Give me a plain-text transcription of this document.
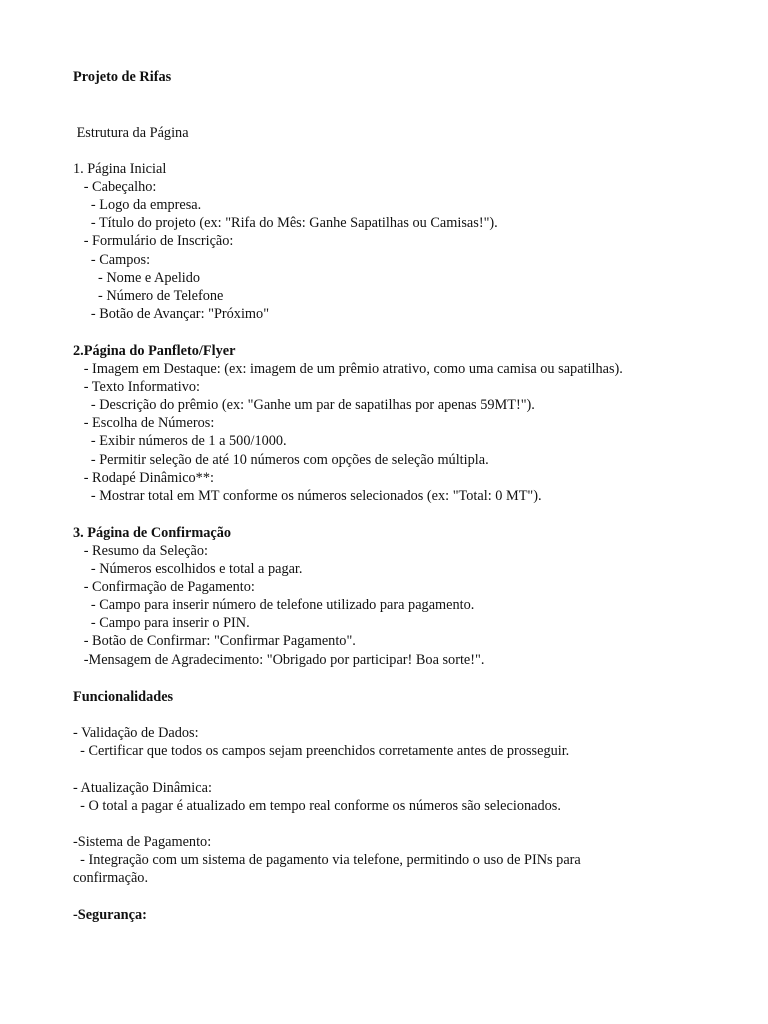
Projeto de Rifas
Estrutura da Página
1. Página Inicial
- Cabeçalho:
- Logo da empresa.
- Título do projeto (ex: "Rifa do Mês: Ganhe Sapatilhas ou Camisas!").
- Formulário de Inscrição:
- Campos:
- Nome e Apelido
- Número de Telefone
- Botão de Avançar: "Próximo"
2.Página do Panfleto/Flyer
- Imagem em Destaque: (ex: imagem de um prêmio atrativo, como uma camisa ou sapatilhas).
- Texto Informativo:
- Descrição do prêmio (ex: "Ganhe um par de sapatilhas por apenas 59MT!").
- Escolha de Números:
- Exibir números de 1 a 500/1000.
- Permitir seleção de até 10 números com opções de seleção múltipla.
- Rodapé Dinâmico**:
- Mostrar total em MT conforme os números selecionados (ex: "Total: 0 MT").
3. Página de Confirmação
- Resumo da Seleção:
- Números escolhidos e total a pagar.
- Confirmação de Pagamento:
- Campo para inserir número de telefone utilizado para pagamento.
- Campo para inserir o PIN.
- Botão de Confirmar: "Confirmar Pagamento".
-Mensagem de Agradecimento: "Obrigado por participar! Boa sorte!".
Funcionalidades
- Validação de Dados:
- Certificar que todos os campos sejam preenchidos corretamente antes de prosseguir.
- Atualização Dinâmica:
- O total a pagar é atualizado em tempo real conforme os números são selecionados.
-Sistema de Pagamento:
- Integração com um sistema de pagamento via telefone, permitindo o uso de PINs para
confirmação.
-Segurança:
